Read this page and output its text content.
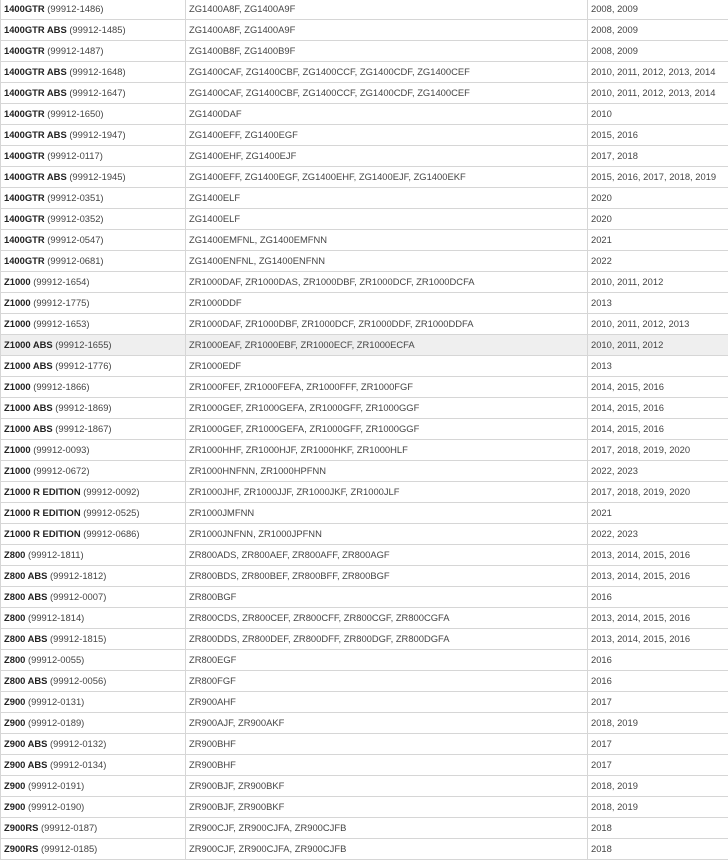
1400GTR (99912-1486)	ZG1400A8F, ZG1400A9F	2008, 2009
1400GTR ABS (99912-1485)	ZG1400A8F, ZG1400A9F	2008, 2009
1400GTR (99912-1487)	ZG1400B8F, ZG1400B9F	2008, 2009
1400GTR ABS (99912-1648)	ZG1400CAF, ZG1400CBF, ZG1400CCF, ZG1400CDF, ZG1400CEF	2010, 2011, 2012, 2013, 2014
1400GTR ABS (99912-1647)	ZG1400CAF, ZG1400CBF, ZG1400CCF, ZG1400CDF, ZG1400CEF	2010, 2011, 2012, 2013, 2014
1400GTR (99912-1650)	ZG1400DAF	2010
1400GTR ABS (99912-1947)	ZG1400EFF, ZG1400EGF	2015, 2016
1400GTR (99912-0117)	ZG1400EHF, ZG1400EJF	2017, 2018
1400GTR ABS (99912-1945)	ZG1400EFF, ZG1400EGF, ZG1400EHF, ZG1400EJF, ZG1400EKF	2015, 2016, 2017, 2018, 2019
1400GTR (99912-0351)	ZG1400ELF	2020
1400GTR (99912-0352)	ZG1400ELF	2020
1400GTR (99912-0547)	ZG1400EMFNL, ZG1400EMFNN	2021
1400GTR (99912-0681)	ZG1400ENFNL, ZG1400ENFNN	2022
Z1000 (99912-1654)	ZR1000DAF, ZR1000DAS, ZR1000DBF, ZR1000DCF, ZR1000DCFA	2010, 2011, 2012
Z1000 (99912-1775)	ZR1000DDF	2013
Z1000 (99912-1653)	ZR1000DAF, ZR1000DBF, ZR1000DCF, ZR1000DDF, ZR1000DDFA	2010, 2011, 2012, 2013
Z1000 ABS (99912-1655)	ZR1000EAF, ZR1000EBF, ZR1000ECF, ZR1000ECFA	2010, 2011, 2012
Z1000 ABS (99912-1776)	ZR1000EDF	2013
Z1000 (99912-1866)	ZR1000FEF, ZR1000FEFA, ZR1000FFF, ZR1000FGF	2014, 2015, 2016
Z1000 ABS (99912-1869)	ZR1000GEF, ZR1000GEFA, ZR1000GFF, ZR1000GGF	2014, 2015, 2016
Z1000 ABS (99912-1867)	ZR1000GEF, ZR1000GEFA, ZR1000GFF, ZR1000GGF	2014, 2015, 2016
Z1000 (99912-0093)	ZR1000HHF, ZR1000HJF, ZR1000HKF, ZR1000HLF	2017, 2018, 2019, 2020
Z1000 (99912-0672)	ZR1000HNFNN, ZR1000HPFNN	2022, 2023
Z1000 R EDITION (99912-0092)	ZR1000JHF, ZR1000JJF, ZR1000JKF, ZR1000JLF	2017, 2018, 2019, 2020
Z1000 R EDITION (99912-0525)	ZR1000JMFNN	2021
Z1000 R EDITION (99912-0686)	ZR1000JNFNN, ZR1000JPFNN	2022, 2023
Z800 (99912-1811)	ZR800ADS, ZR800AEF, ZR800AFF, ZR800AGF	2013, 2014, 2015, 2016
Z800 ABS (99912-1812)	ZR800BDS, ZR800BEF, ZR800BFF, ZR800BGF	2013, 2014, 2015, 2016
Z800 ABS (99912-0007)	ZR800BGF	2016
Z800 (99912-1814)	ZR800CDS, ZR800CEF, ZR800CFF, ZR800CGF, ZR800CGFA	2013, 2014, 2015, 2016
Z800 ABS (99912-1815)	ZR800DDS, ZR800DEF, ZR800DFF, ZR800DGF, ZR800DGFA	2013, 2014, 2015, 2016
Z800 (99912-0055)	ZR800EGF	2016
Z800 ABS (99912-0056)	ZR800FGF	2016
Z900 (99912-0131)	ZR900AHF	2017
Z900 (99912-0189)	ZR900AJF, ZR900AKF	2018, 2019
Z900 ABS (99912-0132)	ZR900BHF	2017
Z900 ABS (99912-0134)	ZR900BHF	2017
Z900 (99912-0191)	ZR900BJF, ZR900BKF	2018, 2019
Z900 (99912-0190)	ZR900BJF, ZR900BKF	2018, 2019
Z900RS (99912-0187)	ZR900CJF, ZR900CJFA, ZR900CJFB	2018
Z900RS (99912-0185)	ZR900CJF, ZR900CJFA, ZR900CJFB	2018
